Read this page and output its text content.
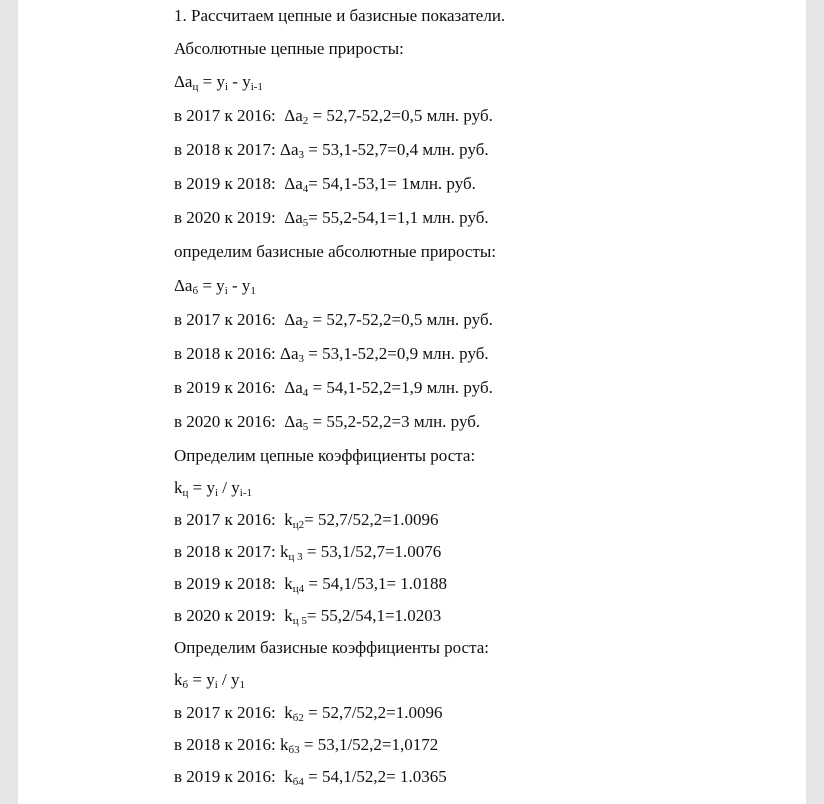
1. Рассчитаем цепные и базисные показатели.
Абсолютные цепные приросты:
$\Delta a_ц = y_i - y_{i-1}$
в 2017 к 2016:  $\Delta a_2 = 52,7-52,2=0,5$ млн. руб.
в 2018 к 2017: $\Delta a_3 = 53,1-52,7=0,4$ млн. руб.
в 2019 к 2018:  $\Delta a_4= 54,1-53,1= 1млн$. руб.
в 2020 к 2019:  $\Delta a_5= 55,2-54,1=1,1$ млн. руб.
определим базисные абсолютные приросты:
$\Delta a_б = y_i - y_1$
в 2017 к 2016:  $\Delta a_2 = 52,7-52,2=0,5$ млн. руб.
в 2018 к 2016: $\Delta a_3 = 53,1-52,2=0,9$ млн. руб.
в 2019 к 2016:  $\Delta a_4 = 54,1-52,2=1,9$ млн. руб.
в 2020 к 2016:  $\Delta a_5 = 55,2-52,2=3$ млн. руб.
Определим цепные коэффициенты роста:
$k_ц = y_i / y_{i-1}$
в 2017 к 2016:  $k_{ц2}= 52,7/52,2=1.0096$
в 2018 к 2017: $k_{ц 3} = 53,1/52,7=1.0076$
в 2019 к 2018:  $k_{ц4} = 54,1/53,1= 1.0188$
в 2020 к 2019:  $k_{ц 5}= 55,2/54,1=1.0203$
Определим базисные коэффициенты роста:
$k_б = y_i / y_1$
в 2017 к 2016:  $k_{б2} = 52,7/52,2=1.0096$
в 2018 к 2016: $k_{б3} = 53,1/52,2=1,0172$
в 2019 к 2016:  $k_{б4} = 54,1/52,2= 1.0365$
